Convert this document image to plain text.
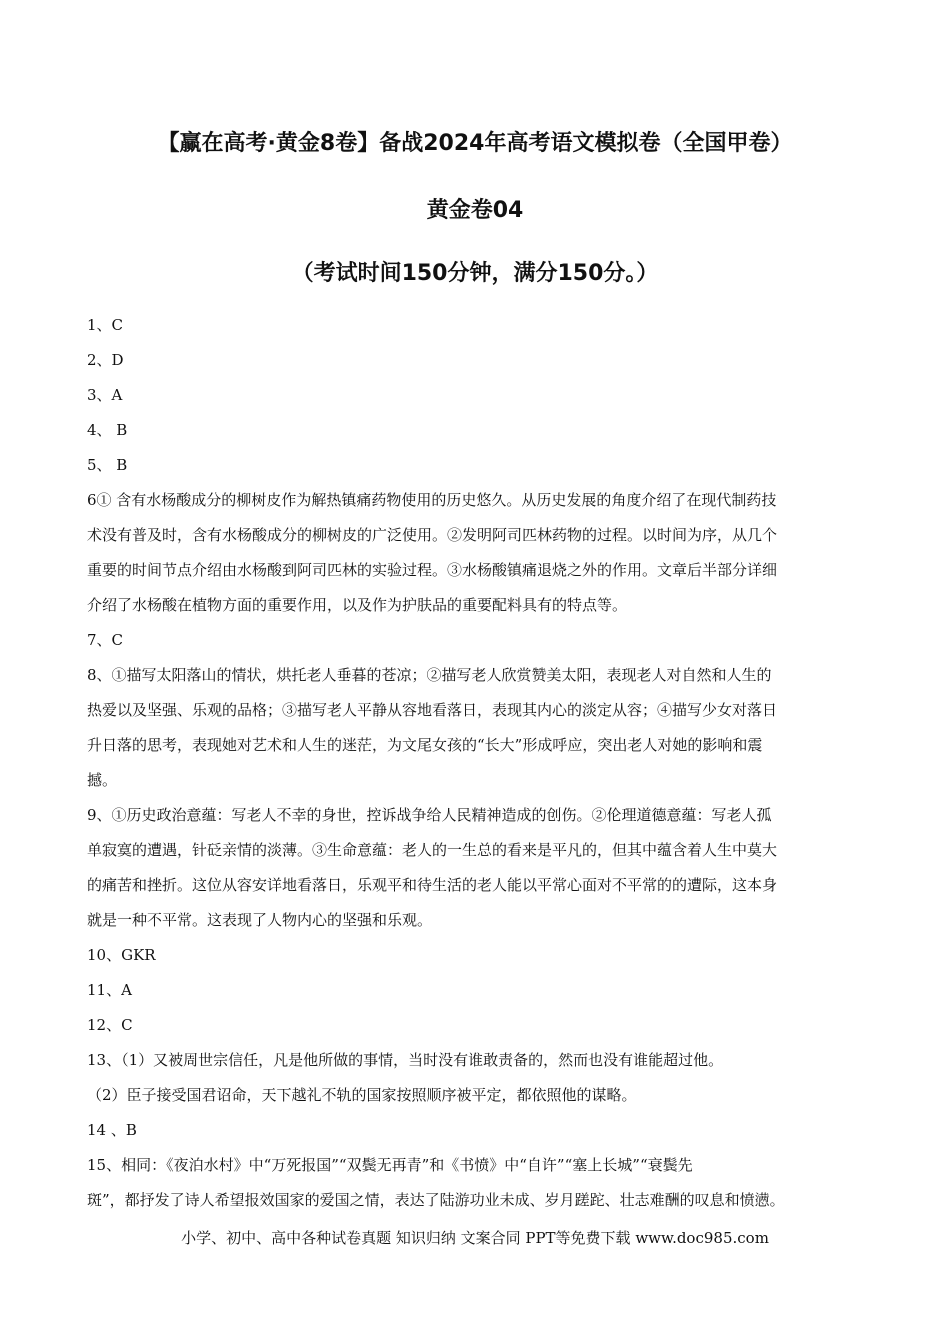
【赢在高考·黄金8卷】备战2024年高考语文模拟卷（全国甲卷）
黄金卷04
（考试时间150分钟，满分150分。）
1、C
2、D
3、A
4、 B
5、 B
6① 含有水杨酸成分的柳树皮作为解热镇痛药物使用的历史悠久。从历史发展的角度介绍了在现代制药技
术没有普及时，含有水杨酸成分的柳树皮的广泛使用。②发明阿司匹林药物的过程。以时间为序，从几个
重要的时间节点介绍由水杨酸到阿司匹林的实验过程。③水杨酸镇痛退烧之外的作用。文章后半部分详细
介绍了水杨酸在植物方面的重要作用，以及作为护肤品的重要配料具有的特点等。
7、C
8、①描写太阳落山的情状，烘托老人垂暮的苍凉；②描写老人欣赏赞美太阳，表现老人对自然和人生的
热爱以及坚强、乐观的品格；③描写老人平静从容地看落日，表现其内心的淡定从容；④描写少女对落日
升日落的思考，表现她对艺术和人生的迷茫，为文尾女孩的“长大”形成呼应，突出老人对她的影响和震
撼。
9、①历史政治意蕴：写老人不幸的身世，控诉战争给人民精神造成的创伤。②伦理道德意蕴：写老人孤
单寂寞的遭遇，针砭亲情的淡薄。③生命意蕴：老人的一生总的看来是平凡的，但其中蕴含着人生中莫大
的痛苦和挫折。这位从容安详地看落日，乐观平和待生活的老人能以平常心面对不平常的的遭际，这本身
就是一种不平常。这表现了人物内心的坚强和乐观。
10、GKR
11、A
12、C
13、（1）又被周世宗信任，凡是他所做的事情，当时没有谁敢责备的，然而也没有谁能超过他。
（2）臣子接受国君诏命，天下越礼不轨的国家按照顺序被平定，都依照他的谋略。
14 、B
15、相同：《夜泊水村》中“万死报国”“双鬓无再青”和《书愤》中“自许”“塞上长城”“衰鬓先
斑”，都抒发了诗人希望报效国家的爱国之情，表达了陆游功业未成、岁月蹉跎、壮志难酬的叹息和愤懑。
小学、初中、高中各种试卷真题 知识归纳 文案合同 PPT等免费下载 www.doc985.com
